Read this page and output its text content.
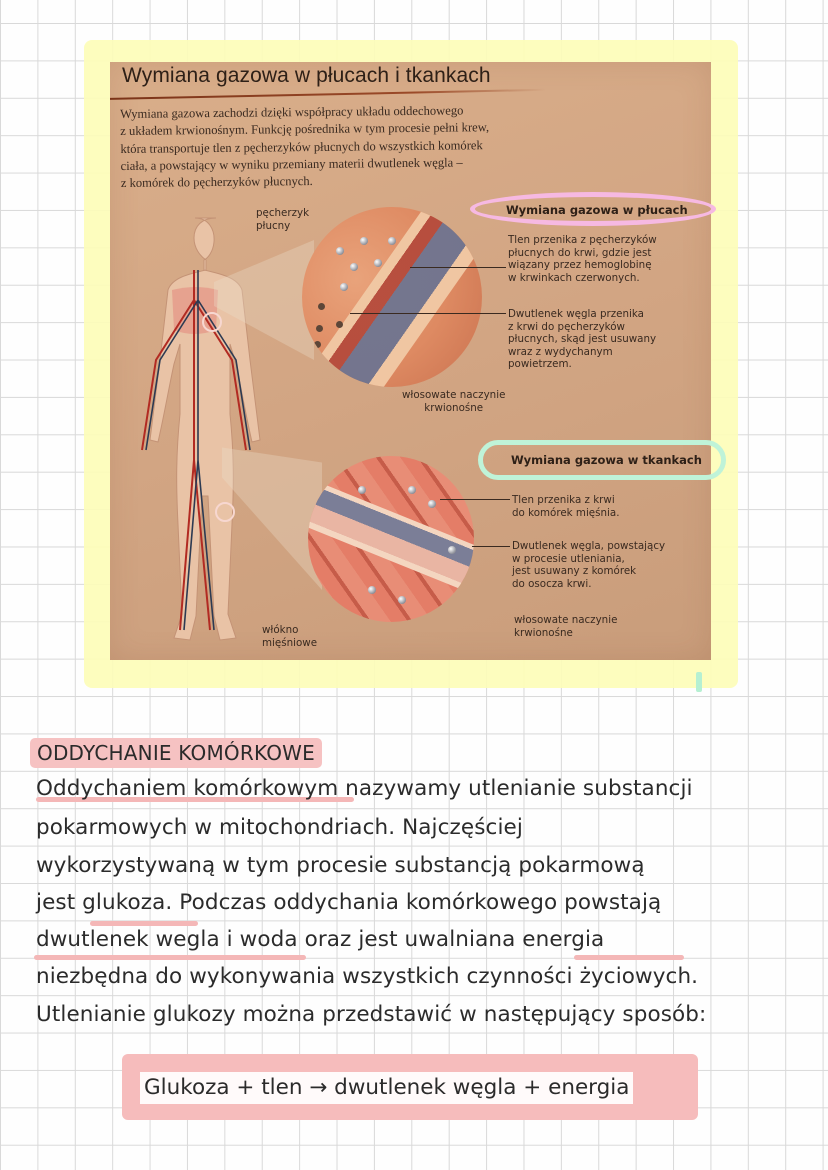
Wymiana gazowa w płucach i tkankach
Wymiana gazowa zachodzi dzięki współpracy układu oddechowego
z układem krwionośnym. Funkcję pośrednika w tym procesie pełni krew,
która transportuje tlen z pęcherzyków płucnych do wszystkich komórek
ciała, a powstający w wyniku przemiany materii dwutlenek węgla –
z komórek do pęcherzyków płucnych.
pęcherzyk
płucny
włosowate naczynie
krwionośne
włókno
mięśniowe
Wymiana gazowa w płucach
Tlen przenika z pęcherzyków
płucnych do krwi, gdzie jest
wiązany przez hemoglobinę
w krwinkach czerwonych.
Dwutlenek węgla przenika
z krwi do pęcherzyków
płucnych, skąd jest usuwany
wraz z wydychanym
powietrzem.
Wymiana gazowa w tkankach
Tlen przenika z krwi
do komórek mięśnia.
Dwutlenek węgla, powstający
w procesie utleniania,
jest usuwany z komórek
do osocza krwi.
włosowate naczynie
krwionośne
ODDYCHANIE KOMÓRKOWE
Oddychaniem komórkowym nazywamy utlenianie substancji
pokarmowych w mitochondriach. Najczęściej
wykorzystywaną w tym procesie substancją pokarmową
jest glukoza. Podczas oddychania komórkowego powstają
dwutlenek wegla i woda oraz jest uwalniana energia
niezbędna do wykonywania wszystkich czynności życiowych.
Utlenianie glukozy można przedstawić w następujący sposób:
Glukoza + tlen → dwutlenek węgla + energia
